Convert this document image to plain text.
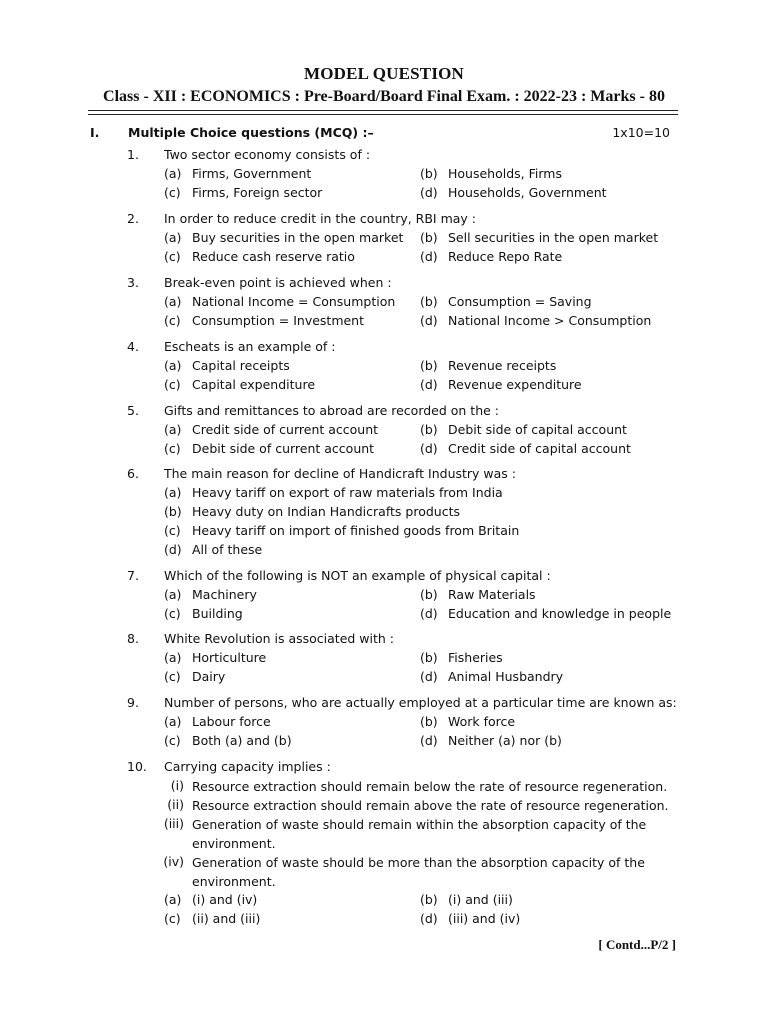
MODEL QUESTION
Class - XII : ECONOMICS : Pre-Board/Board Final Exam. : 2022-23 : Marks - 80
I. Multiple Choice questions (MCQ) :–	1x10=10
1.	Two sector economy consists of :
(a) Firms, Government	(b) Households, Firms
(c) Firms, Foreign sector	(d) Households, Government
2.	In order to reduce credit in the country, RBI may :
(a) Buy securities in the open market (b) Sell securities in the open market
(c) Reduce cash reserve ratio	(d) Reduce Repo Rate
3.	Break-even point is achieved when :
(a) National Income = Consumption (b) Consumption = Saving
(c) Consumption = Investment	(d) National Income > Consumption
4.	Escheats is an example of :
(a) Capital receipts	(b) Revenue receipts
(c) Capital expenditure	(d) Revenue expenditure
5.	Gifts and remittances to abroad are recorded on the :
(a) Credit side of current account	(b) Debit side of capital account
(c) Debit side of current account	(d) Credit side of capital account
6.	The main reason for decline of Handicraft Industry was :
(a) Heavy tariff on export of raw materials from India
(b) Heavy duty on Indian Handicrafts products
(c) Heavy tariff on import of finished goods from Britain
(d) All of these
7.	Which of the following is NOT an example of physical capital :
(a) Machinery	(b) Raw Materials
(c) Building	(d) Education and knowledge in people
8.	White Revolution is associated with :
(a) Horticulture	(b) Fisheries
(c) Dairy	(d) Animal Husbandry
9.	Number of persons, who are actually employed at a particular time are known as:
(a) Labour force	(b) Work force
(c) Both (a) and (b)	(d) Neither (a) nor (b)
10.	Carrying capacity implies :
(i) Resource extraction should remain below the rate of resource regeneration.
(ii) Resource extraction should remain above the rate of resource regeneration.
(iii) Generation of waste should remain within the absorption capacity of the environment.
(iv) Generation of waste should be more than the absorption capacity of the environment.
(a) (i) and (iv)	(b) (i) and (iii)
(c) (ii) and (iii)	(d) (iii) and (iv)
[ Contd...P/2 ]
